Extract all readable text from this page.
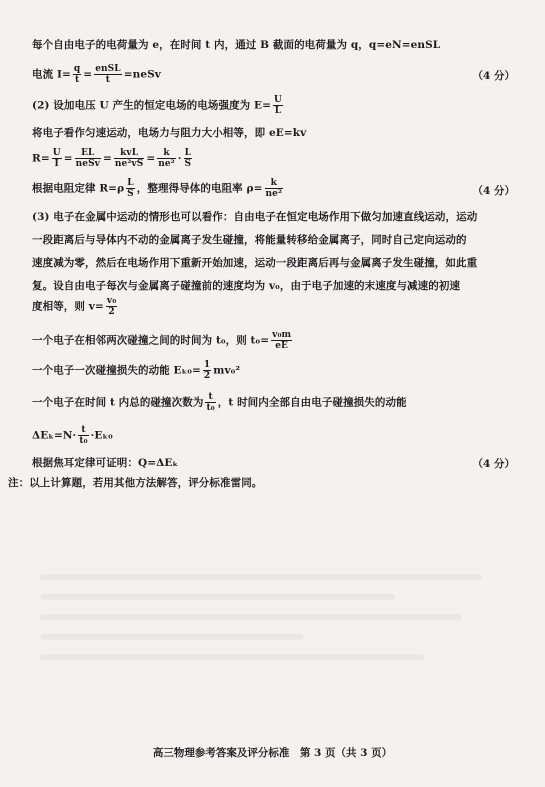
每个自由电子的电荷量为 e，在时间 t 内，通过 B 截面的电荷量为 q，q=eN=enSL
电流 $I= \frac{q}{t} = \frac{\text{enSL}}{t}$ =neSv	（4 分）
(2) 设加电压 U 产生的恒定电场的电场强度为 $E= \frac{U}{L}$
将电子看作匀速运动，电场力与阻力大小相等，即 eE=kv
$R= \frac{U}{I} = \frac{EL}{\text{neSv}} = \frac{\text{kvL}}{\text{ne²vS}} = \frac{k}{\text{ne²}} \cdot \frac{L}{S}$
根据电阻定律 $R=\rho \frac{L}{S}$ ，整理得导体的电阻率 $\rho= \frac{k}{\text{ne²}}$	（4 分）
(3) 电子在金属中运动的情形也可以看作：自由电子在恒定电场作用下做匀加速直线运动，运动
一段距离后与导体内不动的金属离子发生碰撞，将能量转移给金属离子，同时自己定向运动的
速度减为零，然后在电场作用下重新开始加速，运动一段距离后再与金属离子发生碰撞，如此重
复。设自由电子每次与金属离子碰撞前的速度均为 v₀，由于电子加速的末速度与减速的初速
度相等，则 $v= \frac{\text{v₀}}{2}$
一个电子在相邻两次碰撞之间的时间为 t₀，则 $t_0= \frac{\text{v₀m}}{eE}$
一个电子一次碰撞损失的动能 $E_{k0}= \frac{1}{2} mv_0^2$
一个电子在时间 t 内总的碰撞次数为 $\frac{t}{\text{t₀}}$ ，t 时间内全部自由电子碰撞损失的动能
$\Delta E_k=N\cdot \frac{t}{\text{t₀}} \cdot E_{k0}$
根据焦耳定律可证明：Q=ΔEₖ	（4 分）
注：以上计算题，若用其他方法解答，评分标准雷同。
高三物理参考答案及评分标准　第 3 页（共 3 页）
